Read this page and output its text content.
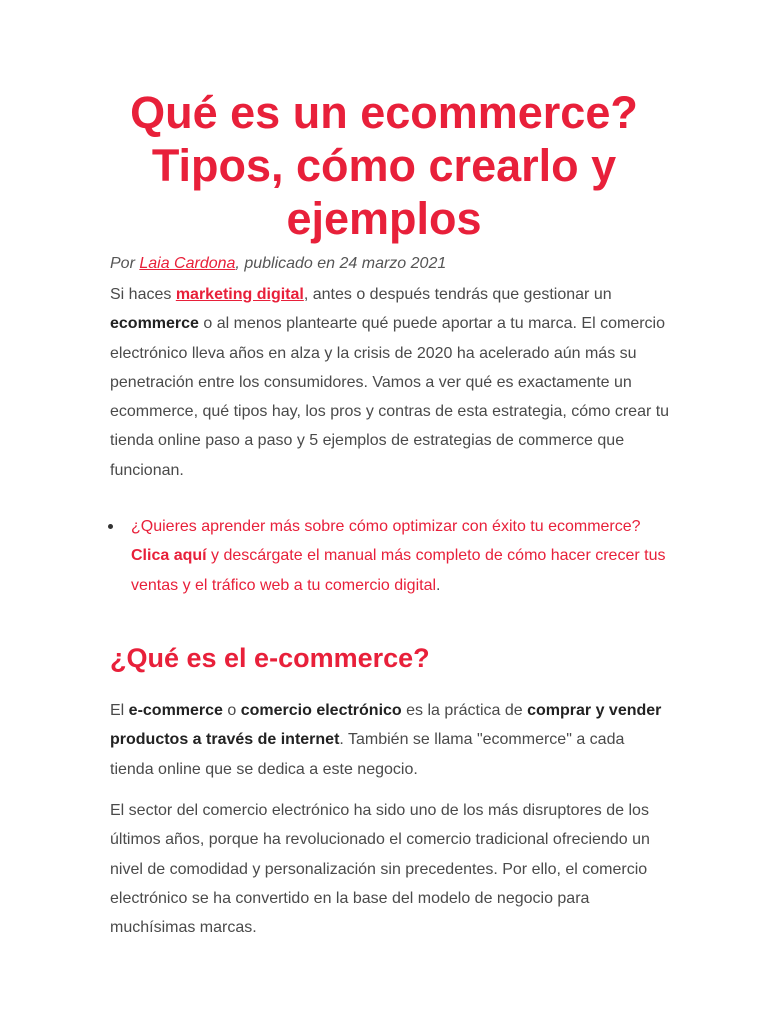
Qué es un ecommerce? Tipos, cómo crearlo y ejemplos

Por Laia Cardona, publicado en 24 marzo 2021

Si haces marketing digital, antes o después tendrás que gestionar un ecommerce o al menos plantearte qué puede aportar a tu marca. El comercio electrónico lleva años en alza y la crisis de 2020 ha acelerado aún más su penetración entre los consumidores. Vamos a ver qué es exactamente un ecommerce, qué tipos hay, los pros y contras de esta estrategia, cómo crear tu tienda online paso a paso y 5 ejemplos de estrategias de commerce que funcionan.

¿Quieres aprender más sobre cómo optimizar con éxito tu ecommerce? Clica aquí y descárgate el manual más completo de cómo hacer crecer tus ventas y el tráfico web a tu comercio digital.
¿Qué es el e-commerce?

El e-commerce o comercio electrónico es la práctica de comprar y vender productos a través de internet. También se llama "ecommerce" a cada tienda online que se dedica a este negocio.

El sector del comercio electrónico ha sido uno de los más disruptores de los últimos años, porque ha revolucionado el comercio tradicional ofreciendo un nivel de comodidad y personalización sin precedentes. Por ello, el comercio electrónico se ha convertido en la base del modelo de negocio para muchísimas marcas.
